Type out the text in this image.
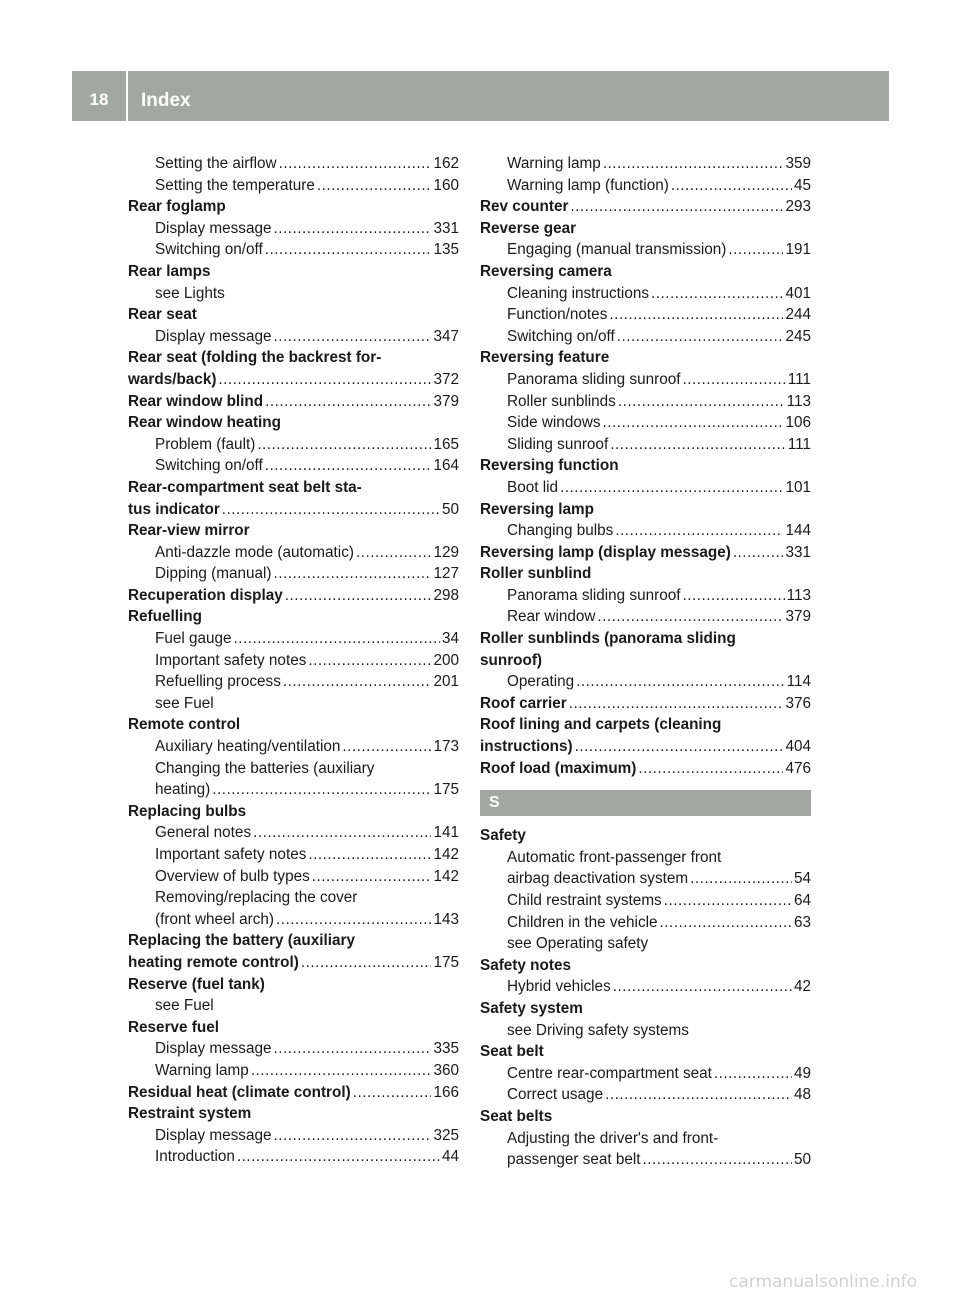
18	Index
Setting the airflow .....	162
Setting the temperature .....	160
Rear foglamp
Display message .....	331
Switching on/off .....	135
Rear lamps
see Lights
Rear seat
Display message .....	347
Rear seat (folding the backrest for-
wards/back) .....	372
Rear window blind .....	379
Rear window heating
Problem (fault) .....	165
Switching on/off .....	164
Rear-compartment seat belt sta-
tus indicator .....	50
Rear-view mirror
Anti-dazzle mode (automatic) .....	129
Dipping (manual) .....	127
Recuperation display .....	298
Refuelling
Fuel gauge .....	34
Important safety notes .....	200
Refuelling process .....	201
see Fuel
Remote control
Auxiliary heating/ventilation .....	173
Changing the batteries (auxiliary
heating) .....	175
Replacing bulbs
General notes .....	141
Important safety notes .....	142
Overview of bulb types .....	142
Removing/replacing the cover
(front wheel arch) .....	143
Replacing the battery (auxiliary
heating remote control) .....	175
Reserve (fuel tank)
see Fuel
Reserve fuel
Display message .....	335
Warning lamp .....	360
Residual heat (climate control) .....	166
Restraint system
Display message .....	325
Introduction .....	44
Warning lamp .....	359
Warning lamp (function) .....	45
Rev counter .....	293
Reverse gear
Engaging (manual transmission) .....	191
Reversing camera
Cleaning instructions .....	401
Function/notes .....	244
Switching on/off .....	245
Reversing feature
Panorama sliding sunroof .....	111
Roller sunblinds .....	113
Side windows .....	106
Sliding sunroof .....	111
Reversing function
Boot lid .....	101
Reversing lamp
Changing bulbs .....	144
Reversing lamp (display message) .....	331
Roller sunblind
Panorama sliding sunroof .....	113
Rear window .....	379
Roller sunblinds (panorama sliding
sunroof)
Operating .....	114
Roof carrier .....	376
Roof lining and carpets (cleaning
instructions) .....	404
Roof load (maximum) .....	476
S
Safety
Automatic front-passenger front
airbag deactivation system .....	54
Child restraint systems .....	64
Children in the vehicle .....	63
see Operating safety
Safety notes
Hybrid vehicles .....	42
Safety system
see Driving safety systems
Seat belt
Centre rear-compartment seat .....	49
Correct usage .....	48
Seat belts
Adjusting the driver's and front-
passenger seat belt .....	50
carmanualsonline.info
